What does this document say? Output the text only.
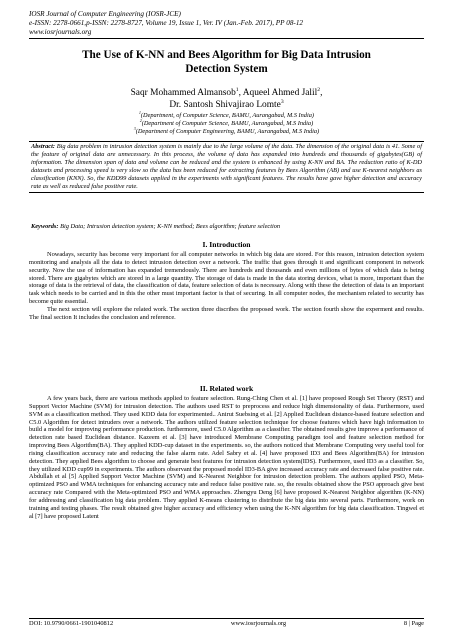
IOSR Journal of Computer Engineering (IOSR-JCE)
e-ISSN: 2278-0661,p-ISSN: 2278-8727, Volume 19, Issue 1, Ver. IV (Jan.-Feb. 2017), PP 08-12
www.iosrjournals.org
The Use of K-NN and Bees Algorithm for Big Data Intrusion
Detection System
Saqr Mohammed Almansob$^1$, Aqueel Ahmed Jalil$^2$,
Dr. Santosh Shivajirao Lomte$^3$
$^1$(Department, of Computer Science, BAMU, Aurangabad, M.S India)
$^2$(Department of Computer Science, BAMU, Aurangabad, M.S India)
$^3$(Department of Computer Engineering, BAMU, Aurangabad, M.S India)
Abstract: Big data problem in intrusion detection system is mainly due to the large volume of the data. The dimension of the original data is 41. Some of the feature of original data are unnecessary. In this process, the volume of data has expanded into hundreds and thousands of gigabytes(GB) of information. The dimension span of data and volume can be reduced and the system is enhanced by using K-NN and BA. The reduction ratio of K-DD datasets and processing speed is very slow so the data has been reduced for extracting features by Bees Algorithm (AB) and use K-nearest neighbors as classification (KNN). So, the KDD99 datasets applied in the experiments with significant features. The results have gave higher detection and accuracy rate as well as reduced false positive rate.
Keywords: Big Data; Intrusion detection system; K-NN method; Bees algorithm; feature selection
I. Introduction

Nowadays, security has become very important for all computer networks in which big data are stored. For this reason, intrusion detection system monitoring and analysis all the data to detect intrusion detection over a network. The traffic that goes through it and significant component in network security. Now the use of information has expanded tremendously. There are hundreds and thousands and even millions of bytes of which data is being stored. There are gigabytes which are stored in a large quantity. The storage of data is made in the data storing devices, what is more, important than the storage of data is the retrieval of data, the classification of data, feature selection of data is necessary. Along with these the detection of data is an important task which needs to be carried and in this the other must important factor is that of securing. In all computer nodes, the mechanism related to security has become quite essential.

The next section will explore the related work. The section three discribes the proposed work. The section fourth show the experment and results. The final section It includes the conclusion and reference.

II. Related work

A few years back, there are various methods applied to feature selection. Rung-Ching Chen et al. [1] have proposed Rough Set Theory (RST) and Support Vector Machine (SVM) for intrusion detection. The authors used RST to preprocess and reduce high dimensionality of data. Furthermore, used SVM as a classification method. They used KDD data for experimented.. Anirut Suebsing et al. [2] Applied Euclidean distance-based feature selection and C5.0 Algorithm for detect intruders over a network. The authors utilized feature selection technique for choose features which have high information to build a model for improving performance production. furthermore, used C5.0 Algorithm as a classifier. The obtained results give improve a performance of detection rate based Euclidean distance. Kazeem et al. [3] have introduced Membrane Computing paradigm tool and feature selection method for improving Bees Algorithm(BA). They applied KDD-cup dataset in the experiments. so, the authors noticed that Membrane Computing very useful tool for rising classification accuracy rate and reducing the false alarm rate. Adel Sabry et al. [4] have proposed ID3 and Bees Algorithm(BA) for intrusion detection. They applied Bees algorithm to choose and generate best features for intrusion detection system(IDS). Furthermore, used ID3 as a classifier. So, they utilized KDD cup99 in experiments. The authors observant the proposed model ID3-BA give increased accuracy rate and decreased false positive rate. Abdullah et al [5] Applied Support Vector Machine (SVM) and K-Nearest Neighbor for intrusion detection problem. The authors applied PSO, Meta-optimized PSO and WMA techniques for enhancing accuracy rate and reduce false positive rate. so, the results obtained show the PSO approach give best accuracy rate Compared with the Meta-optimized PSO and WMA approaches. Zhengyu Deng [6] have proposed K-Nearest Neighbor algorithm (K-NN) for addressing and classification big data problem. They applied K-means clustering to distribute the big data into several parts. Furthermore, work on training and testing phases. The result obtained give higher accuracy and efficiency when using the K-NN algorithm for big data classification. Tingwel et al [7] have proposed Latent

DOI: 10.9790/0661-1901040812	www.iosrjournals.org	8 | Page
